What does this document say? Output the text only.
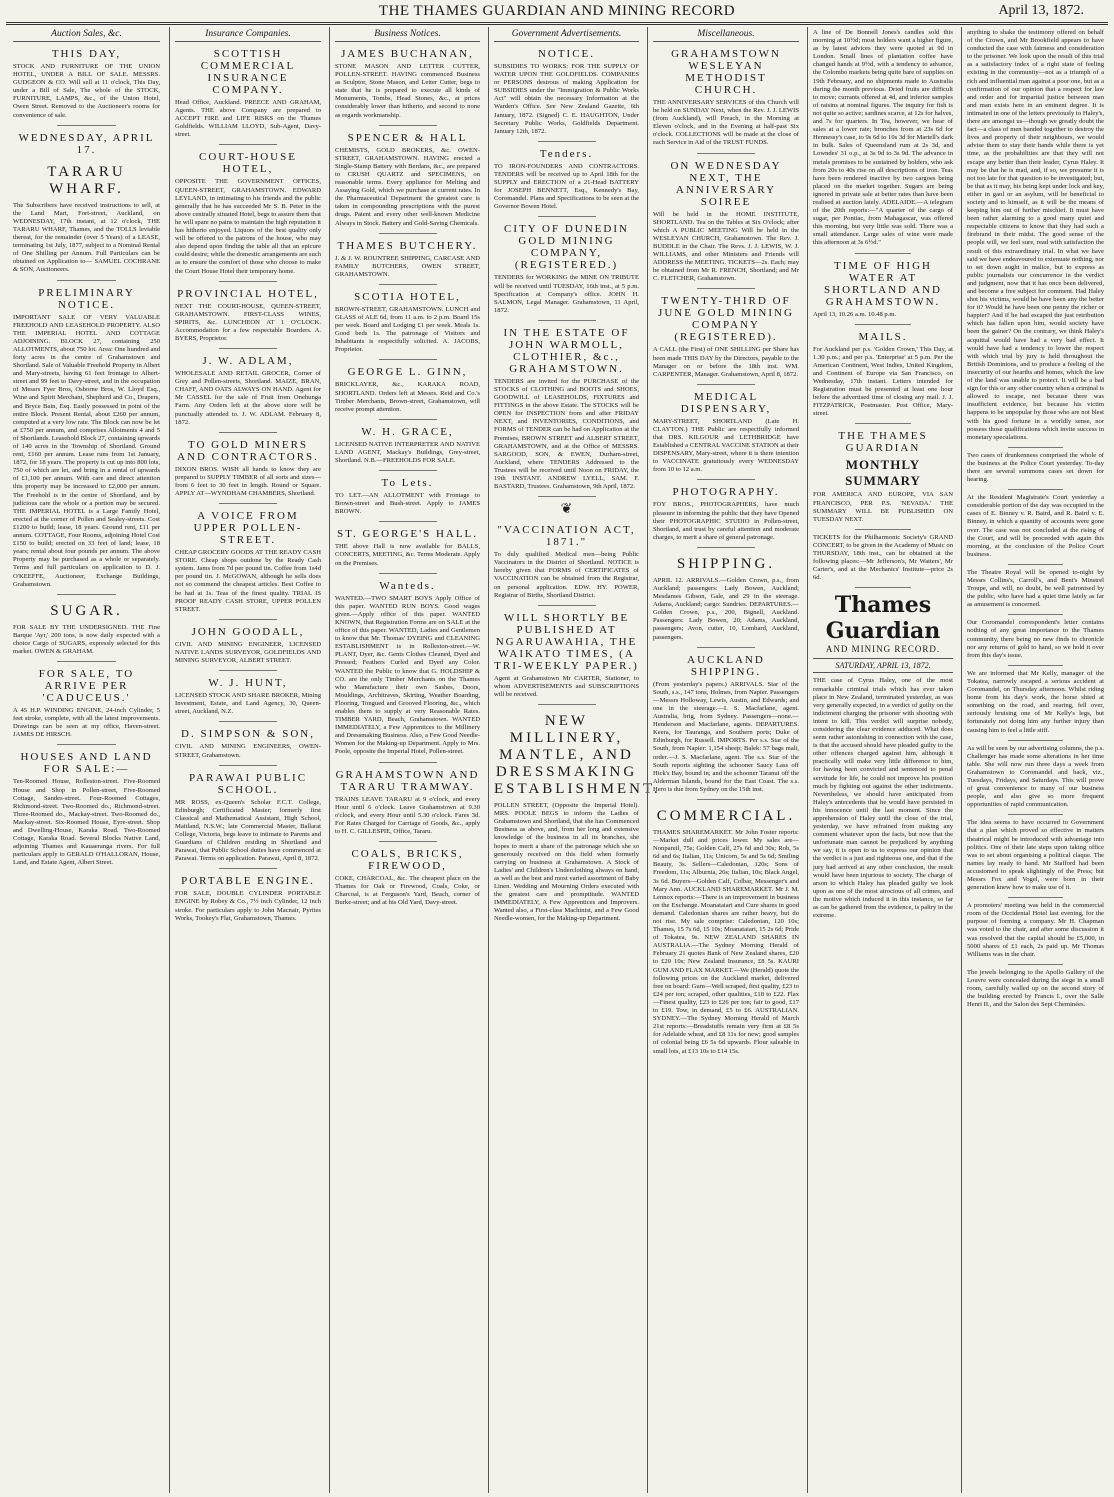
THE THAMES GUARDIAN AND MINING RECORD	April 13, 1872.
Auction Sales, &c.
THIS DAY,
STOCK AND FURNITURE OF THE UNION HOTEL, UNDER A BILL OF SALE. MESSRS. GUDGEON & CO. Will sell at 11 o'clock, This Day, under a Bill of Sale, The whole of the STOCK, FURNITURE, LAMPS, &c., of the Union Hotel, Owen Street. Removed to the Auctioneer's rooms for convenience of sale.
WEDNESDAY, APRIL 17.
TARARU WHARF.
The Subscribers have received instructions to sell, at the Land Mart, Fort-street, Auckland, on WEDNESDAY, 17th instant, at 12 o'clock, THE TARARU WHARF, Thames, and the TOLLS leviable thereat, for the remainder (over 5 Years) of a LEASE, terminating 1st July, 1877, subject to a Nominal Rental of One Shilling per Annum. Full Particulars can be obtained on Application to— SAMUEL COCHRANE & SON, Auctioneers.
PRELIMINARY NOTICE.
IMPORTANT SALE OF VERY VALUABLE FREEHOLD AND LEASEHOLD PROPERTY. ALSO THE IMPERIAL HOTEL AND COTTAGE ADJOINING. BLOCK 27, containing 250 ALLOTMENTS, about 750 lot. Area: One hundred and forty acres in the centre of Grahamstown and Shortland. Sale of Valuable Freehold Property in Albert and Mary-streets, having 61 feet frontage to Albert-street and 99 feet to Davy-street, and in the occupation of Messrs Fyer Bros, Osborne Bros, W. Lloyd Esq., Wine and Spirit Merchant, Shepherd and Co., Drapers, and Bryce Bain, Esq. Easily possessed in point of the entire Block. Present Rental, about £260 per annum, computed at a very low rate. The Block can now be let at £750 per annum, and comprises Allotments 4 and 5 of Shortlands. Leasehold Block 27, containing upwards of 140 acres in the Township of Shortland. Ground rent, £160 per annum. Lease runs from 1st January, 1872, for 18 years. The property is cut up into 800 lots, 750 of which are let, and bring in a rental of upwards of £1,100 per annum. With care and direct attention this property may be increased to £2,000 per annum. The Freehold is in the centre of Shortland, and by judicious care the whole or a portion may be secured. THE IMPERIAL HOTEL is a Large Family Hotel, erected at the corner of Pollen and Sealey-streets. Cost £1200 to build; lease, 18 years. Ground rent, £11 per annum. COTTAGE, Four Rooms, adjoining Hotel Cost £150 to build; erected on 33 feet of land; lease, 18 years; rental about four pounds per annum. The above Property may be purchased as a whole or separately. Terms and full particulars on application to D. J. O'KEEFFE, Auctioneer, Exchange Buildings, Grahamstown.
SUGAR.
FOR SALE BY THE UNDERSIGNED. THE Fine Barque 'Ayr,' 200 tons, is now daily expected with a choice Cargo of SUGARS, expressly selected for this market. OWEN & GRAHAM.
FOR SALE, TO ARRIVE PER 'CADUCEUS.'
A 45 H.P. WINDING ENGINE, 24-inch Cylinder, 5 feet stroke, complete, with all the latest improvements. Drawings can be seen at my office, Haven-street. JAMES DE HIRSCH.
HOUSES AND LAND FOR SALE:—
Ten-Roomed House, Rolleston-street. Five-Roomed House and Shop in Pollen-street, Five-Roomed Cottage, Sandes-street. Four-Roomed Cottages, Richmond-street. Two-Roomed do., Richmond-street. Three-Roomed do., Mackay-street. Two-Roomed do., Mackay-street. Six-Roomed House, Eyre-street. Shop and Dwelling-House, Karaka Road. Two-Roomed Cottage, Karaka Road. Several Blocks Native Land, adjoining Thames and Kauaeranga rivers. For full particulars apply to GERALD O'HALLORAN, House, Land, and Estate Agent, Albert Street.
Insurance Companies.
SCOTTISH COMMERCIAL INSURANCE COMPANY.
Head Office, Auckland. PREECE AND GRAHAM, Agents. THE above Company are prepared to ACCEPT FIRE and LIFE RISKS on the Thames Goldfields. WILLIAM LLOYD, Sub-Agent, Davy-street.
COURT-HOUSE HOTEL,
OPPOSITE THE GOVERNMENT OFFICES, QUEEN-STREET, GRAHAMSTOWN. EDWARD LEYLAND, in intimating to his friends and the public generally that he has succeeded Mr S. B. Peter in the above centrally situated Hotel, begs to assure them that he will spare no pains to maintain the high reputation it has hitherto enjoyed. Liquors of the best quality only will be offered to the patrons of the house, who may also depend upon finding the table all that an epicure could desire; while the domestic arrangements are such as to ensure the comfort of those who choose to make the Court House Hotel their temporary home.
PROVINCIAL HOTEL,
NEXT THE COURT-HOUSE, QUEEN-STREET, GRAHAMSTOWN. FIRST-CLASS WINES, SPIRITS, &c. LUNCHEON AT 1 O'CLOCK. Accommodation for a few respectable Boarders. A. BYERS, Proprietor.
J. W. ADLAM,
WHOLESALE AND RETAIL GROCER, Corner of Grey and Pollen-streets, Shortland. MAIZE, BRAN, CHAFF, AND OATS ALWAYS ON HAND. Agent for Mr CASSEL for the sale of Fruit from Onehunga Farm. Any Orders left at the above store will be punctually attended to. J. W. ADLAM. February 8, 1872.
TO GOLD MINERS AND CONTRACTORS.
DIXON BROS. WISH all hands to know they are prepared to SUPPLY TIMBER of all sorts and sizes—from 6 feet to 30 feet in length. Round or Square. APPLY AT—WYNDHAM CHAMBERS, Shortland.
A VOICE FROM UPPER POLLEN-STREET.
CHEAP GROCERY GOODS AT THE READY CASH STORE. Cheap shops outdone by the Ready Cash system. Jams from 7d per pound tin. Coffee from 1s4d per pound tin. J. McGOWAN, although he sells does not so commend the cheapest articles. Best Coffee to be had at 1s. Teas of the finest quality. TRIAL IS PROOF READY CASH STORE, UPPER POLLEN STREET.
JOHN GOODALL,
CIVIL AND MINING ENGINEER, LICENSED NATIVE LANDS SURVEYOR, GOLDFIELDS AND MINING SURVEYOR, ALBERT STREET.
W. J. HUNT,
LICENSED STOCK AND SHARE BROKER, Mining Investment, Estate, and Land Agency, 30, Queen-street, Auckland, N.Z.
D. SIMPSON & SON,
CIVIL AND MINING ENGINEERS, OWEN-STREET, Grahamstown.
PARAWAI PUBLIC SCHOOL.
MR ROSS, ex-Queen's Scholar F.C.T. College, Edinburgh; Certificated Master; formerly first Classical and Mathematical Assistant, High School, Maitland, N.S.W.; late Commercial Master, Ballarat College, Victoria, begs leave to intimate to Parents and Guardians of Children residing in Shortland and Parawai, that Public School duties have commenced at Parawai. Terms on application. Parawai, April 8, 1872.
PORTABLE ENGINE.
FOR SALE, DOUBLE CYLINDER PORTABLE ENGINE by Robey & Co., 7½ inch Cylinder, 12 inch stroke. For particulars apply to John Macnair, Pyrites Works, Tookey's Flat, Grahamstown, Thames.
Business Notices.
JAMES BUCHANAN,
STONE MASON AND LETTER CUTTER, POLLEN-STREET. HAVING commenced Business as Sculptor, Stone Mason, and Letter Cutter, begs to state that he is prepared to execute all kinds of Monuments, Tombs, Head Stones, &c., at prices considerably lower than hitherto, and second to none as regards workmanship.
SPENCER & HALL
CHEMISTS, GOLD BROKERS, &c. OWEN-STREET, GRAHAMSTOWN. HAVING erected a Single-Stamp Battery with Berdans, &c., are prepared to CRUSH QUARTZ and SPECIMENS, on reasonable terms. Every appliance for Melting and Assaying Gold, which we purchase at current rates. In the Pharmaceutical Department the greatest care is taken in compounding prescriptions with the purest drugs. Patent and every other well-known Medicine Always in Stock. Battery and Gold-Saving Chemicals.
THAMES BUTCHERY.
J. & J. W. ROUNTREE SHIPPING, CARCASE AND FAMILY BUTCHERS, OWEN STREET, GRAHAMSTOWN.
SCOTIA HOTEL,
BROWN-STREET, GRAHAMSTOWN. LUNCH and GLASS of ALE 6d, from 11 a.m. to 2 p.m. Board 15s per week. Board and Lodging £1 per week. Meals 1s. Good beds 1s. The patronage of Visitors and Inhabitants is respectfully solicited. A. JACOBS, Proprietor.
GEORGE L. GINN,
BRICKLAYER, &c., KARAKA ROAD, SHORTLAND. Orders left at Messrs. Reid and Co.'s Timber Merchants, Brown-street, Grahamstown, will receive prompt attention.
W. H. GRACE,
LICENSED NATIVE INTERPRETER AND NATIVE LAND AGENT, Mackay's Buildings, Grey-street, Shortland. N.B.—FREEHOLDS FOR SALE.
To Lets.
TO LET.—AN ALLOTMENT with Frontage to Brown-street and Bush-street. Apply to JAMES BROWN.
ST. GEORGE'S HALL.
THE above Hall is now available for BALLS, CONCERTS, MEETING, &c. Terms Moderate. Apply on the Premises.
Wanteds.
WANTED.—TWO SMART BOYS Apply Office of this paper. WANTED RUN BOYS. Good wages given.—Apply office of this paper. WANTED KNOWN, that Registration Forms are on SALE at the office of this paper. WANTED, Ladies and Gentlemen to know that Mr. Thomas' DYEING and CLEANING ESTABLISHMENT is in Rolleston-street.—W. PLANT, Dyer, &c. Gents Clothes Cleaned, Dyed and Pressed; Feathers Curled and Dyed any Color. WANTED the Public to know that G. HOLDSHIP & CO. are the only Timber Merchants on the Thames who Manufacture their own Sashes, Doors, Mouldings, Architraves, Skirting, Weather Boarding, Flooring, Tongued and Grooved Flooring, &c., which enables them to supply at very Reasonable Rates. TIMBER YARD, Beach, Grahamstown. WANTED IMMEDIATELY, a Few Apprentices to the Millinery and Dressmaking Business. Also, a Few Good Needle-Women for the Making-up Department. Apply to Mrs. Poole, opposite the Imperial Hotel, Pollen-street.
GRAHAMSTOWN AND TARARU TRAMWAY.
TRAINS LEAVE TARARU at 9 o'clock, and every Hour until 6 o'clock. Leave Grahamstown at 9.30 o'clock, and every Hour until 5.30 o'clock. Fares 3d. For Rates Charged for Carriage of Goods, &c., apply to H. C. GILLESPIE, Office, Tararu.
COALS, BRICKS, FIREWOOD,
COKE, CHARCOAL, &c. The cheapest place on the Thames for Oak or Firewood, Coals, Coke, or Charcoal, is at Ferguson's Yard, Beach, corner of Burke-street; and at his Old Yard, Davy-street.
Government Advertisements.
NOTICE.
SUBSIDIES TO WORKS: FOR THE SUPPLY OF WATER UPON THE GOLDFIELDS. COMPANIES or PERSONS desirous of making Application for SUBSIDIES under the "Immigration & Public Works Act" will obtain the necessary Information at the Warden's Office. See New Zealand Gazette, 6th January, 1872. (Signed) C. E. HAUGHTON, Under Secretary Public Works, Goldfields Department. January 12th, 1872.
Tenders.
TO IRON-FOUNDERS AND CONTRACTORS. TENDERS will be received up to April 18th for the SUPPLY and ERECTION of a 21-Head BATTERY for JOSEPH BENNETT, Esq., Kennedy's Bay, Coromandel. Plans and Specifications to be seen at the Governor Bowen Hotel.
CITY OF DUNEDIN GOLD MINING COMPANY, (REGISTERED.)
TENDERS for WORKING the MINE ON TRIBUTE will be received until TUESDAY, 16th inst., at 5 p.m. Specification at Company's office. JOHN H. SALMON, Legal Manager. Grahamstown, 11 April, 1872.
IN THE ESTATE OF JOHN WARMOLL, CLOTHIER, &c., GRAHAMSTOWN.
TENDERS are invited for the PURCHASE of the STOCKS of CLOTHING and BOOTS and SHOES, GOODWILL of LEASEHOLDS, FIXTURES and FITTINGS in the above Estate. The STOCKS will be OPEN for INSPECTION from and after FRIDAY NEXT, and INVENTORIES, CONDITIONS, and FORMS of TENDER can be had on Application at the Premises, BROWN STREET and ALBERT STREET, GRAHAMSTOWN, and at the Office of MESSRS. SARGOOD, SON, & EWEN, Durham-street, Auckland, where TENDERS Addressed to the Trustees will be received until Noon on FRIDAY, the 19th INSTANT. ANDREW LYELL, SAM. F. BASTARD, Trustees. Grahamstown, 9th April, 1872.
❦
"VACCINATION ACT, 1871."
To duly qualified Medical men—being Public Vaccinators in the District of Shortland. NOTICE is hereby given that FORMS of CERTIFICATES of VACCINATION can be obtained from the Registrar, on personal application. EDW. HY. POWER, Registrar of Births, Shortland District.
WILL SHORTLY BE PUBLISHED AT NGARUAWAHIA, THE WAIKATO TIMES, (A TRI-WEEKLY PAPER.)
Agent at Grahamstown Mr CARTER, Stationer, to whom ADVERTISEMENTS and SUBSCRIPTIONS will be received.
NEW MILLINERY, MANTLE, AND DRESSMAKING ESTABLISHMENT.
POLLEN STREET, (Opposite the Imperial Hotel). MRS. POOLE BEGS to inform the Ladies of Grahamstown and Shortland, that she has Commenced Business as above, and, from her long and extensive knowledge of the business in all its branches, she hopes to merit a share of the patronage which she so generously received on this field when formerly carrying on business at Grahamstown. A Stock of Ladies' and Children's Underclothing always on hand, as well as the best and most varied assortment of Baby Linen. Wedding and Mourning Orders executed with the greatest care and promptitude. WANTED IMMEDIATELY, A Few Apprentices and Improvers. Wanted also, a First-class Machinist, and a Few Good Needle-women, for the Making-up Department.
Miscellaneous.
GRAHAMSTOWN WESLEYAN METHODIST CHURCH.
THE ANNIVERSARY SERVICES of this Church will be held on SUNDAY Next, when the Rev. J. J. LEWIS (from Auckland), will Preach, in the Morning at Eleven o'clock, and in the Evening at half-past Six o'clock. COLLECTIONS will be made at the close of each Service in Aid of the TRUST FUNDS.
ON WEDNESDAY NEXT, THE ANNIVERSARY SOIREE
Will be held in the HOME INSTITUTE, SHORTLAND. Tea on the Tables at Six O'clock; after which A PUBLIC MEETING Will be held in the WESLEYAN CHURCH, Grahamstown. The Rev. J. BUDDLE in the Chair. The Revs. J. J. LEWIS, W. J. WILLIAMS, and other Ministers and Friends will ADDRESS the MEETING. TICKETS—2s. Each; may be obtained from Mr R. FRENCH, Shortland; and Mr C. FLETCHER, Grahamstown.
TWENTY-THIRD OF JUNE GOLD MINING COMPANY (REGISTERED).
A CALL (the First) of ONE SHILLING per Share has been made THIS DAY by the Directors, payable to the Manager on or before the 18th inst. WM. CARPENTER, Manager. Grahamstown, April 8, 1872.
MEDICAL DISPENSARY,
MARY-STREET, SHORTLAND (Late H. CLAYTON.) THE Public are respectfully informed that DRS. KILGOUR and LETHBRIDGE have Established a CENTRAL VACCINE STATION at their DISPENSARY, Mary-street, where it is there intention to VACCINATE gratuitously every WEDNESDAY from 10 to 12 a.m.
PHOTOGRAPHY.
FOY BROS., PHOTOGRAPHERS, have much pleasure in informing the public that they have Opened their PHOTOGRAPHIC STUDIO in Pollen-street, Shortland, and trust by careful attention and moderate charges, to merit a share of general patronage.
SHIPPING.
APRIL 12. ARRIVALS.—Golden Crown, p.s., from Auckland; passengers: Lady Bowen, Auckland; Mesdames Gibson, Gale, and 29 in the steerage. Adams, Auckland; cargo: Sundries. DEPARTURES.—Golden Crown, p.s., 200, Bignell, Auckland. Passengers: Lady Bowen, 20; Adams, Auckland, passengers; Avon, cutter, 10, Lombard, Auckland, passengers.
AUCKLAND SHIPPING.
(From yesterday's papers.) ARRIVALS. Star of the South, s.s., 147 tons, Holmes, from Napier. Passengers—Messrs Holloway, Lewis, Austin, and Edwards; and one in the steerage.—I. S. Macfarlane, agent. Australia, brig, from Sydney. Passengers—none.—Henderson and Macfarlane, agents. DEPARTURES. Keera, for Tauranga, and Southern ports; Duke of Edinburgh, for Russell. IMPORTS. Per s.s. Star of the South, from Napier: 1,154 sheep; Balek: 57 bags malt, order.—J. S. Macfarlane, agent. The s.s. Star of the South reports sighting the schooner Saucy Lass off Hick's Bay, bound in; and the schooner Taranui off the Alderman Islands, bound for the East Coast. The s.s. Hero is due from Sydney on the 15th inst.
COMMERCIAL.
THAMES SHAREMARKET. Mr John Foster reports:—Market dull and prices lower. My sales are—Nonpareil, 75s; Golden Calf, 27s 6d and 30s; Rob, 5s 6d and 6s; Italian, 11s; Unicorn, 5s and 5s 6d; Smiling Beauty, 3s. Sellers—Caledonian, 120s; Sons of Freedom, 11s; Alburnia, 26s; Italian, 10s; Black Angel, 3s 6d. Buyers—Golden Calf, Colbar, Messenger's and Mary Ann. AUCKLAND SHAREMARKET. Mr J. M. Lennox reports:—There is an improvement in business on the Exchange. Moanataiari and Cure shares in good demand. Caledonian shares are rather heavy, but do not rise. My sale comprise: Caledonian, 120 10s; Thames, 15 7s 6d, 15 10s; Moanataiari, 15 2s 6d; Pride of Tokatea, 9s. NEW ZEALAND SHARES IN AUSTRALIA.—The Sydney Morning Herald of February 21 quotes Bank of New Zealand shares, £20 to £20 10s; New Zealand Insurance, £8 5s. KAURI GUM AND FLAX MARKET.—We (Herald) quote the following prices on the Auckland market, delivered free on board: Gum—Well scraped, first quality, £23 to £24 per ton; scraped, other qualities, £18 to £22. Flax—Finest quality, £23 to £26 per ton; fair to good, £17 to £19. Tow, in demand, £5 to £6. AUSTRALIAN. SYDNEY.—The Sydney Morning Herald of March 21st reports:—Breadstuffs remain very firm at £8 5s for Adelaide wheat, and £8 11s for new; good samples of colonial being £6 5s 6d upwards. Flour saleable in small lots, at £13 10s to £14 15s.
A line of De Bonnell Jones's candles sold this morning at 10½d; most holders want a higher figure, as by latest advices they were quoted at 9d in London. Small lines of plantation coffee have changed hands at 9½d, with a tendency to advance, the Colombo markets being quite bare of supplies on 19th February, and no shipments made to Australia during the month previous. Dried fruits are difficult to move; currants offered at 4d, and inferior samples of raisins at nominal figures. The inquiry for fish is not quite so active; sardines scarce, at 12s for halves, and 7s for quarters. In Tea, however, we hear of sales at a lower rate; bronches from at 23s 6d for Hennessy's case, to 9s 6d to 10s 3d for Martell's dark in bulk. Sales of Queensland rum at 2s 3d, and Lowndes' 31 o.p., at 3s 9d to 3s 9d. The advance in metals promises to be sustained by holders, who ask from 20s to 40s rise on all descriptions of iron. Teas have been rendered inactive by two cargoes being placed on the market together. Sugars are being ignored in private sale at better rates than have been realised at auction lately. ADELAIDE.—A telegram of the 20th reports:—"A quarter of the cargo of sugar, per Pontiac, from Mahagascar, was offered this morning, but very little was sold. There was a small attendance. Large sales of wine were made this afternoon at 3s 6½d."
TIME OF HIGH WATER AT SHORTLAND AND GRAHAMSTOWN.
April 13, 10.26 a.m. 10.48 p.m.
MAILS.
For Auckland per p.s. 'Golden Crown,' This Day, at 1.30 p.m.; and per p.s. 'Enterprise' at 5 p.m. Per the American Continent, West Indies, United Kingdom, and Continent of Europe via San Francisco, on Wednesday, 17th instant. Letters intended for Registration must be presented at least one hour before the advertised time of closing any mail. J. J. FITZPATRICK, Postmaster. Post Office, Mary-street.
THE THAMES GUARDIAN
MONTHLY SUMMARY
FOR AMERICA AND EUROPE, VIA SAN FRANCISCO, PER P.S. 'NEVADA.' THE SUMMARY WILL BE PUBLISHED ON TUESDAY NEXT.
TICKETS for the Philharmonic Society's GRAND CONCERT, to be given in the Academy of Music on THURSDAY, 18th inst., can be obtained at the following places:—Mr Jefferson's, Mr Watters', Mr Carter's, and at the Mechanics' Institute—price 2s 6d.
Thames Guardian
AND MINING RECORD.
SATURDAY, APRIL 13, 1872.
THE case of Cyrus Haley, one of the most remarkable criminal trials which has ever taken place in New Zealand, terminated yesterday, as was very generally expected, in a verdict of guilty on the indictment charging the prisoner with shooting with intent to kill. This verdict will surprise nobody, considering the clear evidence adduced. What does seem rather astonishing in connection with the case, is that the accused should have pleaded guilty to the other offences charged against him, although it practically will make very little difference to him, for having been convicted and sentenced to penal servitude for life, he could not improve his position much by fighting out against the other indictments. Nevertheless, we should have anticipated from Haley's antecedents that he would have persisted in his innocence until the last moment. Since the apprehension of Haley until the close of the trial, yesterday, we have refrained from making any comment whatever upon the facts, but now that the unfortunate man cannot be prejudiced by anything we say, it is open to us to express our opinion that the verdict is a just and righteous one, and that if the jury had arrived at any other conclusion, the result would have been injurious to society. The charge of arson to which Haley has pleaded guilty we look upon as one of the most atrocious of all crimes, and the motive which induced it in this instance, so far as can be gathered from the evidence, is paltry in the extreme.
anything to shake the testimony offered on behalf of the Crown, and Mr Brookfield appears to have conducted the case with fairness and consideration to the prisoner. We look upon the result of this trial as a satisfactory index of a right state of feeling existing in the community—not as a triumph of a rich and influential man against a poor one, but as a confirmation of our opinion that a respect for law and order and for impartial justice between man and man exists here in an eminent degree. It is intimated in one of the letters previously to Haley's, there are amongst us—though we greatly doubt the fact—a class of men banded together to destroy the lives and property of their neighbours, we would advise them to stay their hands while there is yet time, as the probabilities are that they will not escape any better than their leader, Cyrus Haley. It may be that he is mad, and, if so, we presume it is not too late for that question to be investigated; but, be that as it may, his being kept under lock and key, either in gaol or an asylum, will be beneficial to society and to himself, as it will be the means of keeping him out of further mischief. It must have been rather alarming to a good many quiet and respectable citizens to know that they had such a firebrand in their midst. The good sense of the people will, we feel sure, read with satisfaction the result of this extraordinary trial. In what we have said we have endeavoured to extenuate nothing, nor to set down aught in malice, but to express as public journalists our concurrence in the verdict and judgment, now that it has once been delivered, and become a free subject for comment. Had Haley shot his victims, would he have been any the better for it? Would he have been one penny the richer or happier? And if he had escaped the just retribution which has fallen upon him, would society have been the gainer? On the contrary, we think Haley's acquittal would have had a very bad effect. It would have had a tendency to lower the respect with which trial by jury is held throughout the British Dominions, and to produce a feeling of the insecurity of our hearths and homes, which the law of the land was unable to protect. It will be a bad sign for this or any other country when a criminal is allowed to escape, not because there was insufficient evidence, but because his victim happens to be unpopular by those who are not blest with his good fortune in a worldly sense, nor possess those qualifications which invite success in monetary speculations.
Two cases of drunkenness comprised the whole of the business at the Police Court yesterday. To-day there are several summons cases set down for hearing.
At the Resident Magistrate's Court yesterday a considerable portion of the day was occupied in the cases of E. Binney v. R. Baird, and R. Baird v. E. Binney, in which a quantity of accounts were gone over. The case was not concluded at the rising of the Court, and will be proceeded with again this morning, at the conclusion of the Police Court business.
The Theatre Royal will be opened to-night by Messrs Collins's, Carroll's, and Bent's Minstrel Troupe, and will, no doubt, be well patronised by the public, who have had a quiet time lately as far as amusement is concerned.
Our Coromandel correspondent's letter contains nothing of any great importance to the Thames community, there being no new finds to chronicle nor any returns of gold to hand, so we hold it over from this day's issue.
We are informed that Mr Kelly, manager of the Tokatea, narrowly escaped a serious accident at Coromandel, on Thursday afternoon. Whilst riding home from his day's work, the horse shied at something on the road, and rearing, fell over, seriously bruising one of Mr Kelly's legs, but fortunately not doing him any further injury than causing him to feel a little stiff.
As will be seen by our advertising columns, the p.s. Challenger has made some alterations in her time table. She will now run three days a week from Grahamstown to Coromandel and back, viz., Tuesdays, Fridays, and Saturdays. This will prove of great convenience to many of our business people, and also give so more frequent opportunities of rapid communication.
The idea seems to have occurred to Government that a plan which proved so effective in matters theatrical might be introduced with advantage into politics. One of their late steps upon taking office was to set about organising a political claque. The names lay ready to hand. Mr Stafford had been accustomed to speak slightingly of the Press; but Messrs Fox and Vogel, were born in their generation knew how to make use of it.
A promoters' meeting was held in the commercial room of the Occidental Hotel last evening, for the purpose of forming a company. Mr H. Chapman was voted to the chair, and after some discussion it was resolved that the capital should be £5,000, in 5000 shares of £1 each, 2s paid up. Mr Thomas Williams was in the chair.
The jewels belonging to the Apollo Gallery of the Louvre were concealed during the siege in a small room, carefully walled up on the second story of the building erected by Francis I., over the Salle Henri II., and the Salon des Sept Cheminées.
